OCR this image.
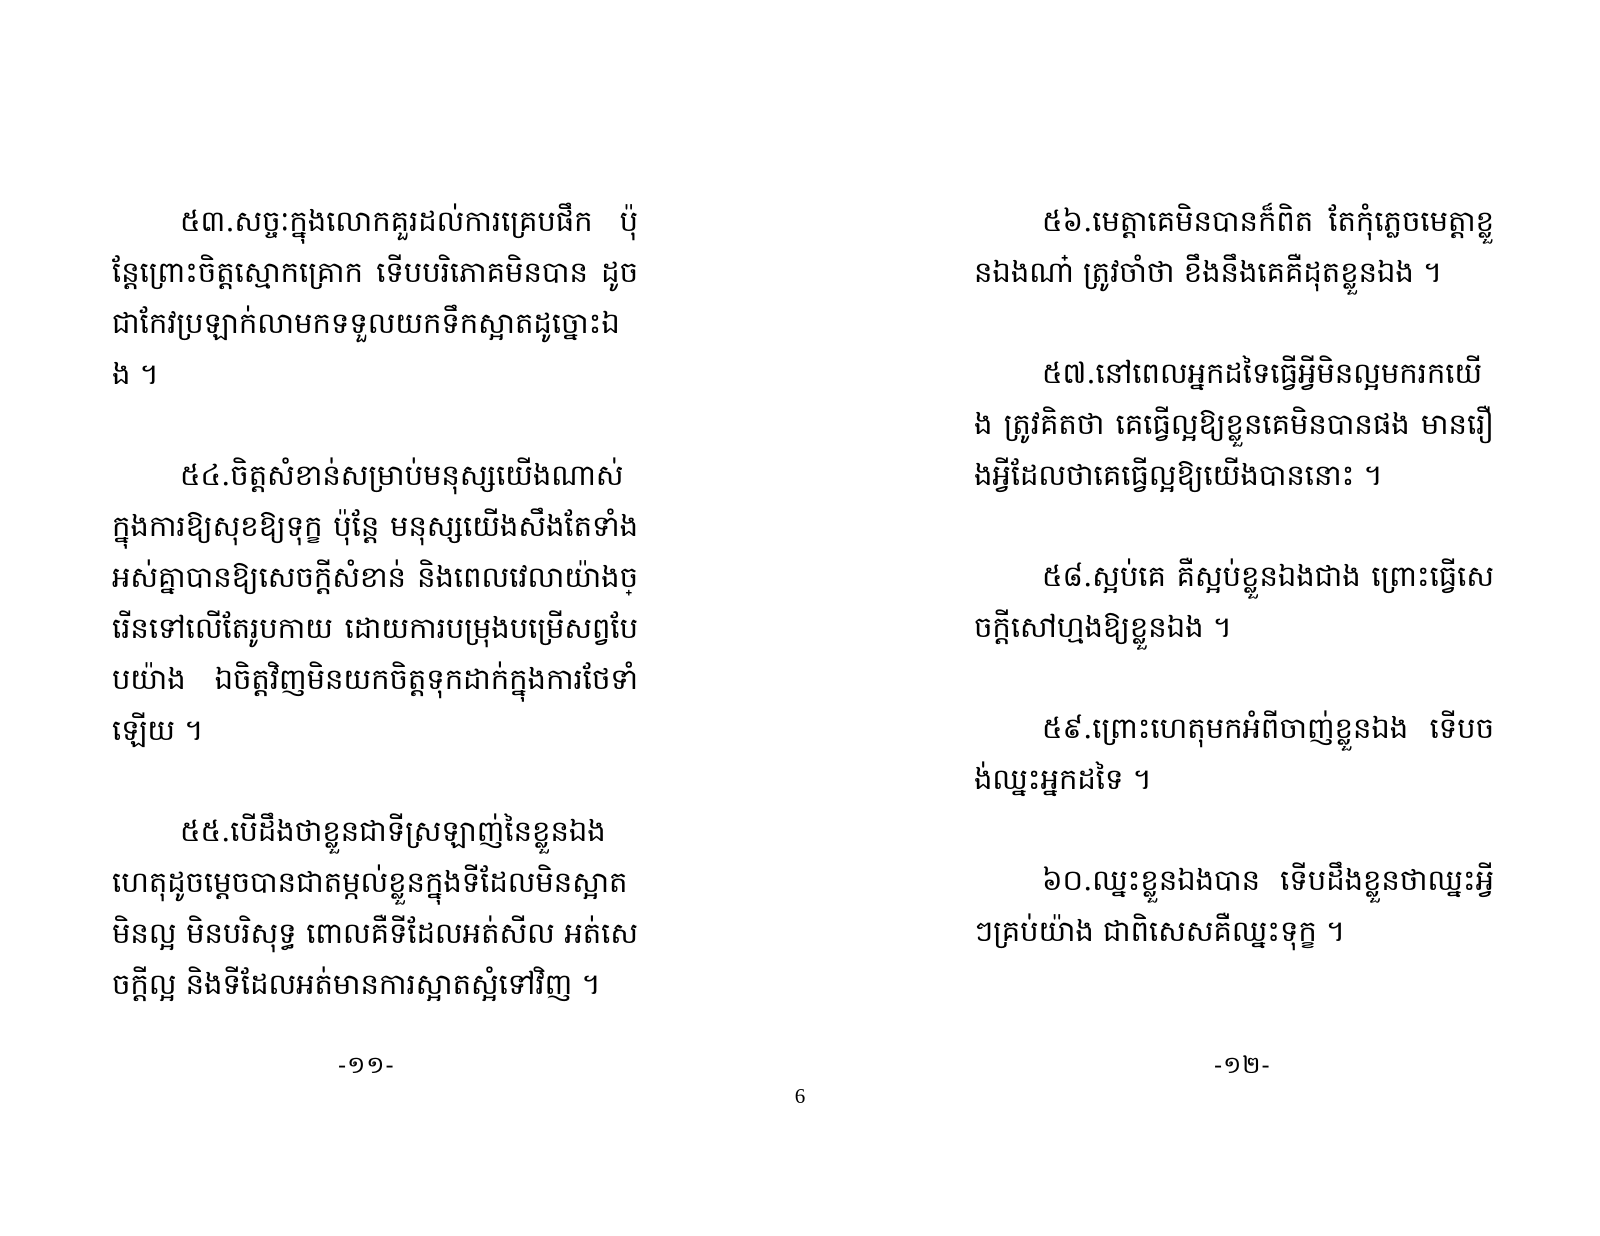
៥៣.សច្ចៈក្នុងលោកគួរដល់ការគ្រេបផឹក ប៉ុន្តែព្រោះចិត្តស្មោកគ្រោក ទើបបរិភោគមិនបាន ដូចជាកែវប្រឡាក់លាមកទទួលយកទឹកស្អាតដូច្នោះឯង ។

៥៤.ចិត្តសំខាន់សម្រាប់មនុស្សយើងណាស់ ក្នុងការឱ្យសុខឱ្យទុក្ខ ប៉ុន្តែ មនុស្សយើងសឹងតែទាំងអស់គ្នាបានឱ្យសេចក្តីសំខាន់ និងពេលវេលាយ៉ាងច្រើនទៅលើតែរូបកាយ ដោយការបម្រុងបម្រើសព្វបែបយ៉ាង ឯចិត្តវិញមិនយកចិត្តទុកដាក់ក្នុងការថែទាំឡើយ ។

៥៥.បើដឹងថាខ្លួនជាទីស្រឡាញ់នៃខ្លួនឯង ហេតុដូចម្តេចបានជាតម្កល់ខ្លួនក្នុងទីដែលមិនស្អាត មិនល្អ មិនបរិសុទ្ធ ពោលគឺទីដែលអត់សីល អត់សេចក្តីល្អ និងទីដែលអត់មានការស្អាតស្អំទៅវិញ ។

-១១-

៥៦.មេត្តាគេមិនបានក៏ពិត តែកុំភ្លេចមេត្តាខ្លួនឯងណា៎ ត្រូវចាំថា ខឹងនឹងគេគឺដុតខ្លួនឯង ។

៥៧.នៅពេលអ្នកដទៃធ្វើអ្វីមិនល្អមករកយើង ត្រូវគិតថា គេធ្វើល្អឱ្យខ្លួនគេមិនបានផង មានរឿងអ្វីដែលថាគេធ្វើល្អឱ្យយើងបាននោះ ។

៥៨.ស្អប់គេ គឺស្អប់ខ្លួនឯងជាង ព្រោះធ្វើសេចក្តីសៅហ្មងឱ្យខ្លួនឯង ។

៥៩.ព្រោះហេតុមកអំពីចាញ់ខ្លួនឯង ទើបចង់ឈ្នះអ្នកដទៃ ។

៦០.ឈ្នះខ្លួនឯងបាន ទើបដឹងខ្លួនថាឈ្នះអ្វីៗគ្រប់យ៉ាង ជាពិសេសគឺឈ្នះទុក្ខ ។

-១២-
6
